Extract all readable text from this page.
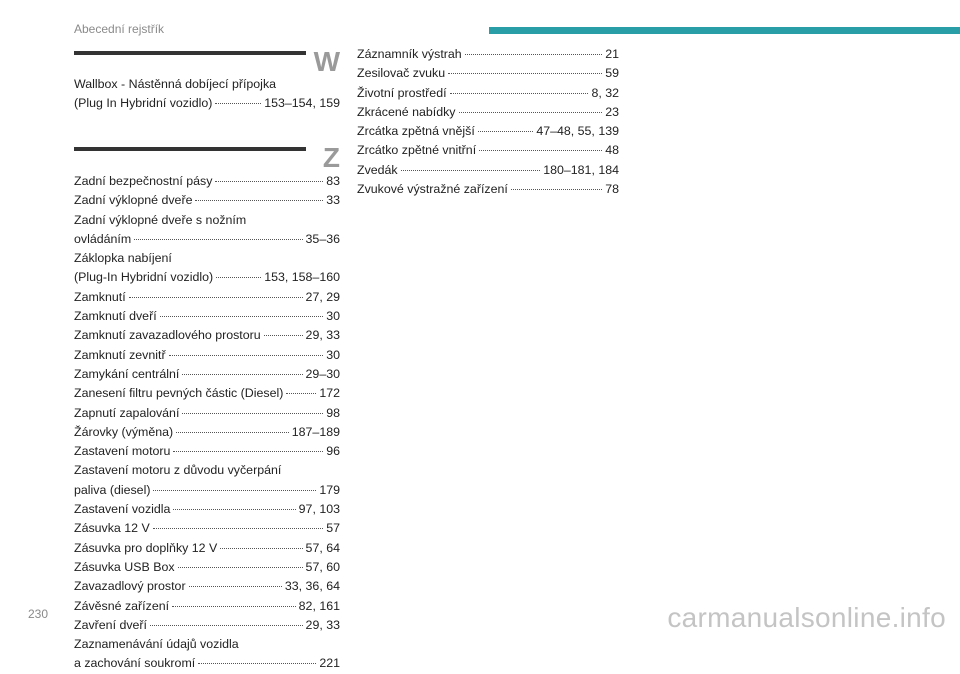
Abecední rejstřík
W
Wallbox - Nástěnná dobíjecí přípojka
(Plug In Hybridní vozidlo)	153–154, 159
Z
Zadní bezpečnostní pásy	83
Zadní výklopné dveře	33
Zadní výklopné dveře s nožním
ovládáním	35–36
Záklopka nabíjení
(Plug-In Hybridní vozidlo)	153, 158–160
Zamknutí	27, 29
Zamknutí dveří	30
Zamknutí zavazadlového prostoru	29, 33
Zamknutí zevnitř	30
Zamykání centrální	29–30
Zanesení filtru pevných částic (Diesel)	172
Zapnutí zapalování	98
Žárovky (výměna)	187–189
Zastavení motoru	96
Zastavení motoru z důvodu vyčerpání
paliva (diesel)	179
Zastavení vozidla	97, 103
Zásuvka 12 V	57
Zásuvka pro doplňky 12 V	57, 64
Zásuvka USB Box	57, 60
Zavazadlový prostor	33, 36, 64
Závěsné zařízení	82, 161
Zavření dveří	29, 33
Zaznamenávání údajů vozidla
a zachování soukromí	221
Záznamník výstrah	21
Zesilovač zvuku	59
Životní prostředí	8, 32
Zkrácené nabídky	23
Zrcátka zpětná vnější	47–48, 55, 139
Zrcátko zpětné vnitřní	48
Zvedák	180–181, 184
Zvukové výstražné zařízení	78
230	carmanualsonline.info
